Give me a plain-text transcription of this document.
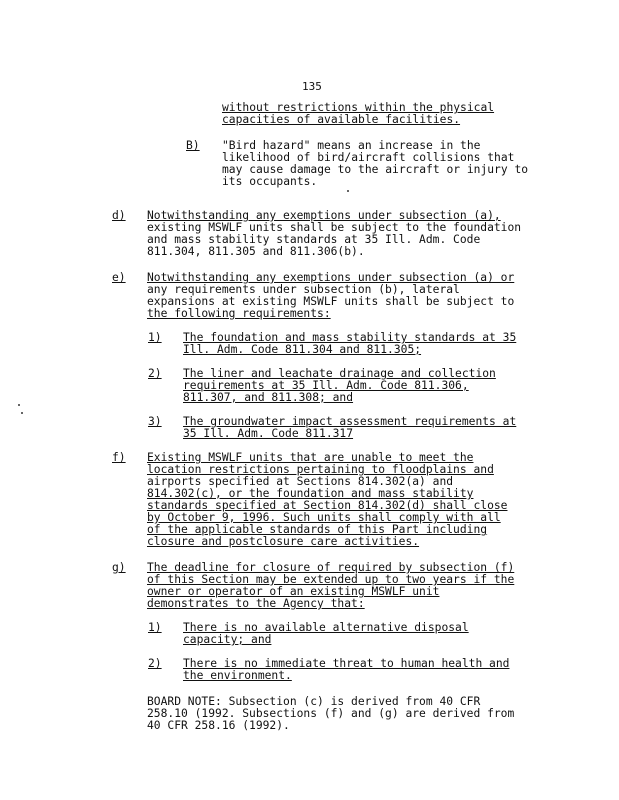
135
B)
d)
e)
1)
2)
3)
f)
g)
1)
2)
without restrictions within the physical
capacities of available facilities.
"Bird hazard" means an increase in the
likelihood of bird/aircraft collisions that
may cause damage to the aircraft or injury to
its occupants.
Notwithstanding any exemptions under subsection (a),
existing MSWLF units shall be subject to the foundation
and mass stability standards at 35 Ill. Adm. Code
811.304, 811.305 and 811.306(b).
Notwithstanding any exemptions under subsection (a) or
any requirements under subsection (b), lateral
expansions at existing MSWLF units shall be subject to
the following requirements:
The foundation and mass stability standards at 35
Ill. Adm. Code 811.304 and 811.305;
The liner and leachate drainage and collection
requirements at 35 Ill. Adm. Code 811.306,
811.307, and 811.308; and
The groundwater impact assessment requirements at
35 Ill. Adm. Code 811.317
Existing MSWLF units that are unable to meet the
location restrictions pertaining to floodplains and
airports specified at Sections 814.302(a) and
814.302(c), or the foundation and mass stability
standards specified at Section 814.302(d) shall close
by October 9, 1996. Such units shall comply with all
of the applicable standards of this Part including
closure and postclosure care activities.
The deadline for closure of required by subsection (f)
of this Section may be extended up to two years if the
owner or operator of an existing MSWLF unit
demonstrates to the Agency that:
There is no available alternative disposal
capacity; and
There is no immediate threat to human health and
the environment.
BOARD NOTE: Subsection (c) is derived from 40 CFR
258.10 (1992. Subsections (f) and (g) are derived from
40 CFR 258.16 (1992).
